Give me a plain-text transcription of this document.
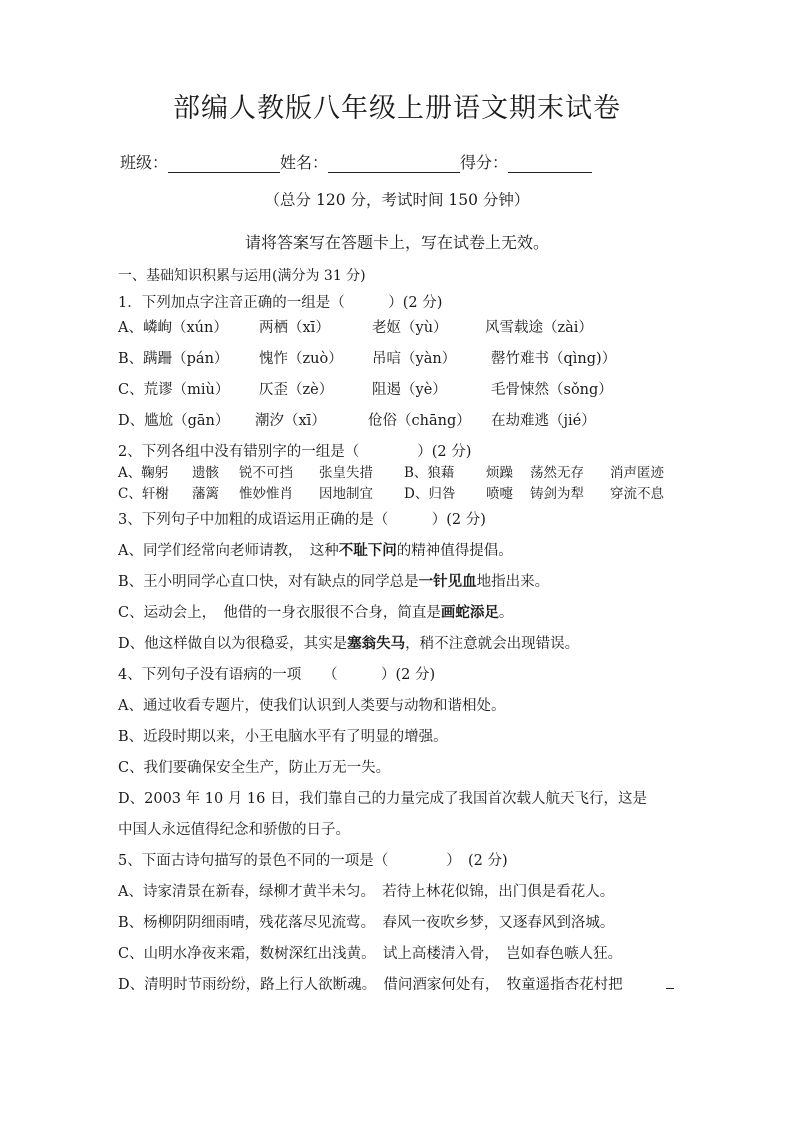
部编人教版八年级上册语文期末试卷
班级：	姓名：	得分：
（总分 120 分，考试时间 150 分钟）
请将答案写在答题卡上，写在试卷上无效。
一、基础知识积累与运用(满分为 31 分)
1．下列加点字注音正确的一组是（　　　）(2 分)
A、嶙峋（xún） 两栖（xī）	老妪（yù）	风雪载途（zài）
B、蹒跚（pán） 愧怍（zuò） 吊唁（yàn） 罄竹难书（qìng)）
C、荒谬（miù） 仄歪（zè）	阻遏（yè）	毛骨悚然（sǒng）
D、尴尬（gān） 潮汐（xī）	伧俗（chāng） 在劫难逃（jié）
2、下列各组中没有错别字的一组是（　　　　）(2 分)
A、鞠躬 遗骸 锐不可挡 张皇失措 B、狼藉 烦躁 荡然无存 消声匿迹
C、轩榭 藩篱 惟妙惟肖 因地制宜 D、归咎 喷嚏 铸剑为犁 穿流不息
3、下列句子中加粗的成语运用正确的是（　　　）(2 分)
A、同学们经常向老师请教，　这种不耻下问的精神值得提倡。
B、王小明同学心直口快，对有缺点的同学总是一针见血地指出来。
C、运动会上，　他借的一身衣服很不合身，简直是画蛇添足。
D、他这样做自以为很稳妥，其实是塞翁失马，稍不注意就会出现错误。
4、下列句子没有语病的一项　　（　　　）(2 分)
A、通过收看专题片，使我们认识到人类要与动物和谐相处。
B、近段时期以来，小王电脑水平有了明显的增强。
C、我们要确保安全生产，防止万无一失。
D、2003 年 10 月 16 日，我们靠自己的力量完成了我国首次载人航天飞行，这是
中国人永远值得纪念和骄傲的日子。
5、下面古诗句描写的景色不同的一项是（　　　　）　(2 分)
A、诗家清景在新春，绿柳才黄半未匀。　若待上林花似锦，出门俱是看花人。
B、杨柳阴阴细雨晴，残花落尽见流莺。　春风一夜吹乡梦，又逐春风到洛城。
C、山明水净夜来霜，数树深红出浅黄。　试上高楼清入骨，　岂如春色嗾人狂。
D、清明时节雨纷纷，路上行人欲断魂。　借问酒家何处有，　牧童遥指杏花村把
